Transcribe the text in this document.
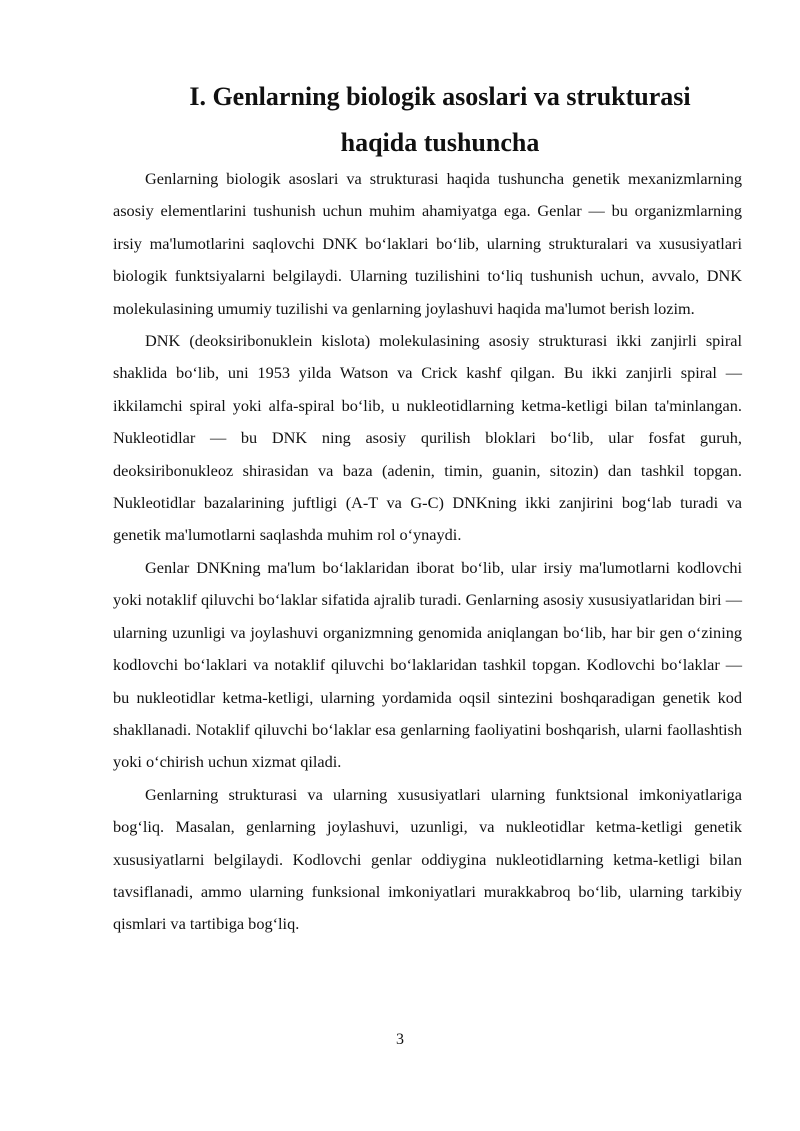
I. Genlarning biologik asoslari va strukturasi
haqida tushuncha

Genlarning biologik asoslari va strukturasi haqida tushuncha genetik mexanizmlarning asosiy elementlarini tushunish uchun muhim ahamiyatga ega. Genlar — bu organizmlarning irsiy ma'lumotlarini saqlovchi DNK bo‘laklari bo‘lib, ularning strukturalari va xususiyatlari biologik funktsiyalarni belgilaydi. Ularning tuzilishini to‘liq tushunish uchun, avvalo, DNK molekulasining umumiy tuzilishi va genlarning joylashuvi haqida ma'lumot berish lozim.

DNK (deoksiribonuklein kislota) molekulasining asosiy strukturasi ikki zanjirli spiral shaklida bo‘lib, uni 1953 yilda Watson va Crick kashf qilgan. Bu ikki zanjirli spiral — ikkilamchi spiral yoki alfa-spiral bo‘lib, u nukleotidlarning ketma-ketligi bilan ta'minlangan. Nukleotidlar — bu DNK ning asosiy qurilish bloklari bo‘lib, ular fosfat guruh, deoksiribonukleoz shirasidan va baza (adenin, timin, guanin, sitozin) dan tashkil topgan. Nukleotidlar bazalarining juftligi (A-T va G-C) DNKning ikki zanjirini bog‘lab turadi va genetik ma'lumotlarni saqlashda muhim rol o‘ynaydi.

Genlar DNKning ma'lum bo‘laklaridan iborat bo‘lib, ular irsiy ma'lumotlarni kodlovchi yoki notaklif qiluvchi bo‘laklar sifatida ajralib turadi. Genlarning asosiy xususiyatlaridan biri — ularning uzunligi va joylashuvi organizmning genomida aniqlangan bo‘lib, har bir gen o‘zining kodlovchi bo‘laklari va notaklif qiluvchi bo‘laklaridan tashkil topgan. Kodlovchi bo‘laklar — bu nukleotidlar ketma-ketligi, ularning yordamida oqsil sintezini boshqaradigan genetik kod shakllanadi. Notaklif qiluvchi bo‘laklar esa genlarning faoliyatini boshqarish, ularni faollashtish yoki o‘chirish uchun xizmat qiladi.

Genlarning strukturasi va ularning xususiyatlari ularning funktsional imkoniyatlariga bog‘liq. Masalan, genlarning joylashuvi, uzunligi, va nukleotidlar ketma-ketligi genetik xususiyatlarni belgilaydi. Kodlovchi genlar oddiygina nukleotidlarning ketma-ketligi bilan tavsiflanadi, ammo ularning funksional imkoniyatlari murakkabroq bo‘lib, ularning tarkibiy qismlari va tartibiga bog‘liq.

3
